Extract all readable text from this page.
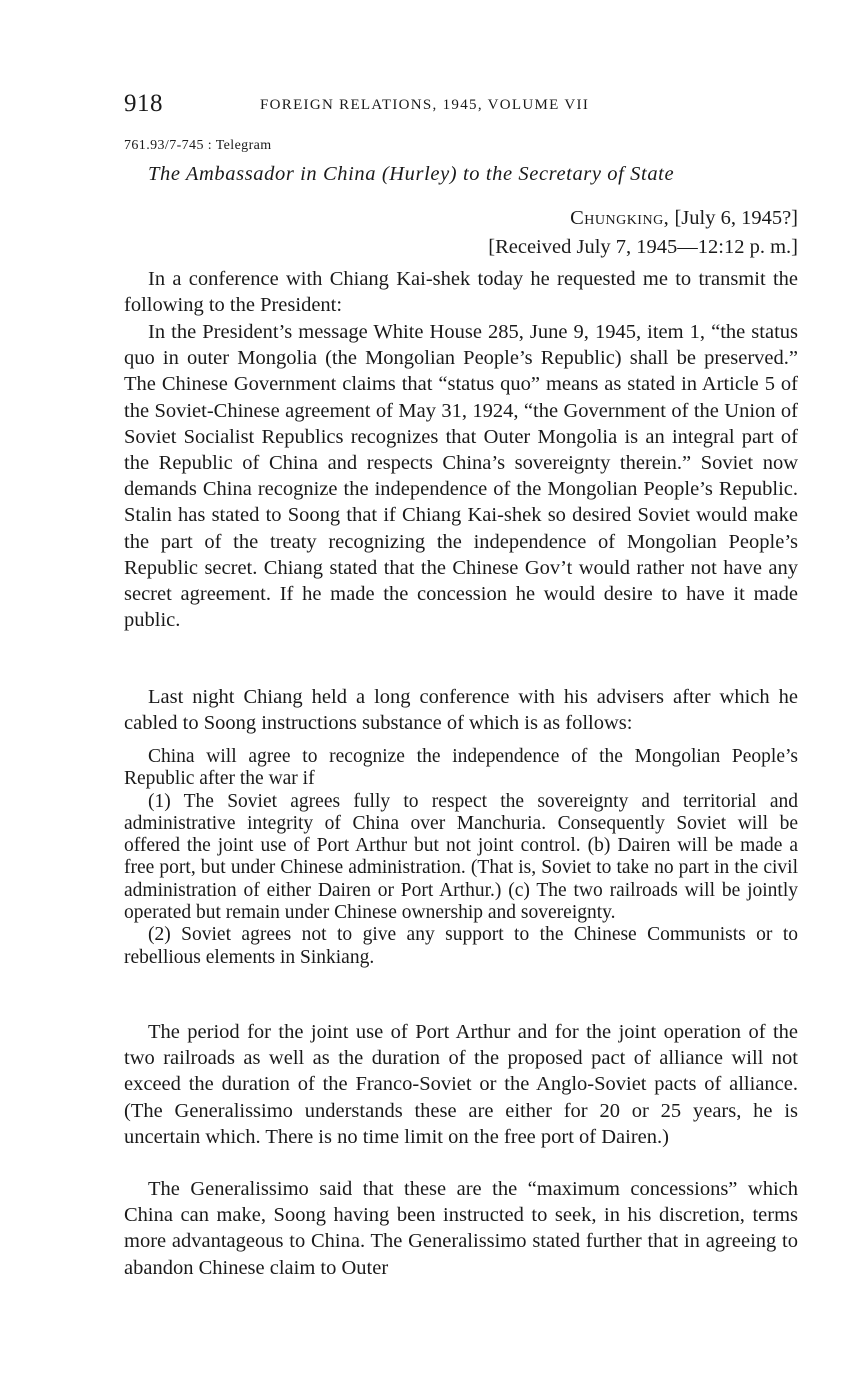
918	FOREIGN RELATIONS, 1945, VOLUME VII
761.93/7-745 : Telegram
The Ambassador in China (Hurley) to the Secretary of State
Chungking, [July 6, 1945?]
[Received July 7, 1945—12:12 p. m.]

In a conference with Chiang Kai-shek today he requested me to transmit the following to the President:

In the President’s message White House 285, June 9, 1945, item 1, “the status quo in outer Mongolia (the Mongolian People’s Republic) shall be preserved.” The Chinese Government claims that “status quo” means as stated in Article 5 of the Soviet-Chinese agreement of May 31, 1924, “the Government of the Union of Soviet Socialist Republics recognizes that Outer Mongolia is an integral part of the Republic of China and respects China’s sovereignty therein.” Soviet now demands China recognize the independence of the Mongolian People’s Republic. Stalin has stated to Soong that if Chiang Kai-shek so desired Soviet would make the part of the treaty recognizing the independence of Mongolian People’s Republic secret. Chiang stated that the Chinese Gov’t would rather not have any secret agreement. If he made the concession he would desire to have it made public.

Last night Chiang held a long conference with his advisers after which he cabled to Soong instructions substance of which is as follows:

China will agree to recognize the independence of the Mongolian People’s Republic after the war if

(1) The Soviet agrees fully to respect the sovereignty and territorial and administrative integrity of China over Manchuria. Consequently Soviet will be offered the joint use of Port Arthur but not joint control. (b) Dairen will be made a free port, but under Chinese administration. (That is, Soviet to take no part in the civil administration of either Dairen or Port Arthur.) (c) The two railroads will be jointly operated but remain under Chinese ownership and sovereignty.

(2) Soviet agrees not to give any support to the Chinese Communists or to rebellious elements in Sinkiang.

The period for the joint use of Port Arthur and for the joint operation of the two railroads as well as the duration of the proposed pact of alliance will not exceed the duration of the Franco-Soviet or the Anglo-Soviet pacts of alliance. (The Generalissimo understands these are either for 20 or 25 years, he is uncertain which. There is no time limit on the free port of Dairen.)

The Generalissimo said that these are the “maximum concessions” which China can make, Soong having been instructed to seek, in his discretion, terms more advantageous to China. The Generalissimo stated further that in agreeing to abandon Chinese claim to Outer
